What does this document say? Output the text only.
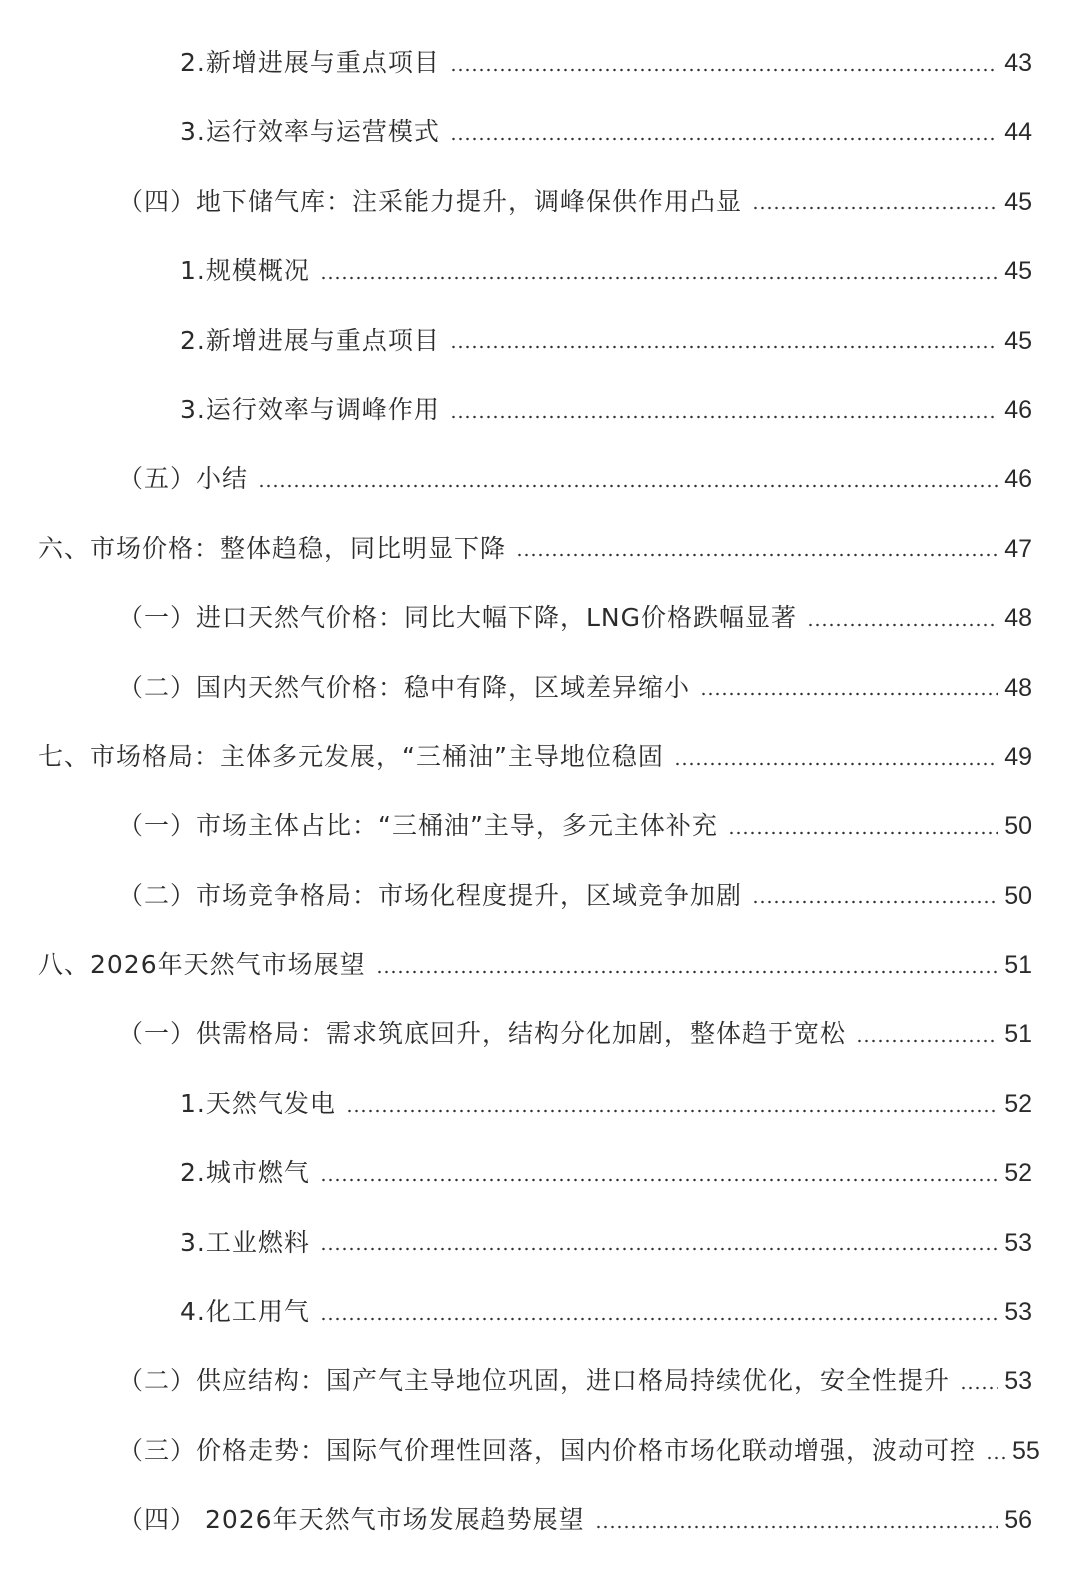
2.新增进展与重点项目	43
3.运行效率与运营模式	44
（四）地下储气库：注采能力提升，调峰保供作用凸显	45
1.规模概况	45
2.新增进展与重点项目	45
3.运行效率与调峰作用	46
（五）小结	46
六、市场价格：整体趋稳，同比明显下降	47
（一）进口天然气价格：同比大幅下降，LNG价格跌幅显著	48
（二）国内天然气价格：稳中有降，区域差异缩小	48
七、市场格局：主体多元发展，“三桶油”主导地位稳固	49
（一）市场主体占比：“三桶油”主导，多元主体补充	50
（二）市场竞争格局：市场化程度提升，区域竞争加剧	50
八、2026年天然气市场展望	51
（一）供需格局：需求筑底回升，结构分化加剧，整体趋于宽松	51
1.天然气发电	52
2.城市燃气	52
3.工业燃料	53
4.化工用气	53
（二）供应结构：国产气主导地位巩固，进口格局持续优化，安全性提升 53
（三）价格走势：国际气价理性回落，国内价格市场化联动增强，波动可控 55
（四） 2026年天然气市场发展趋势展望	56
